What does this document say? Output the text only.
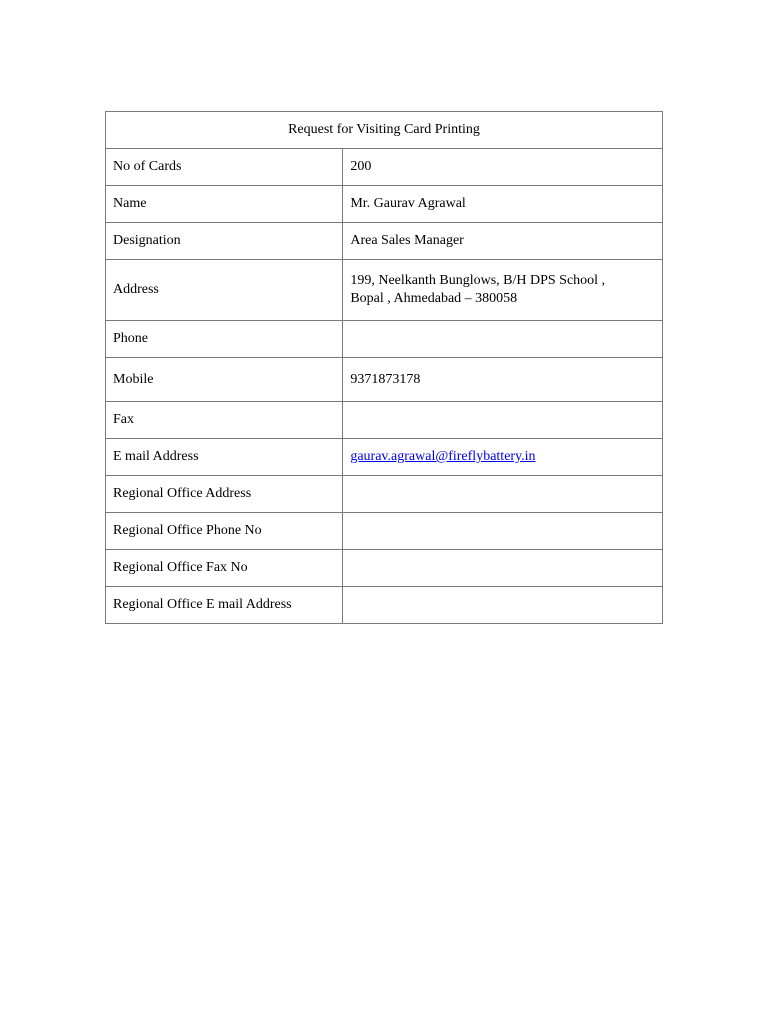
Request for Visiting Card Printing	
No of Cards	200
Name	Mr. Gaurav Agrawal
Designation	Area Sales Manager
Address	199, Neelkanth Bunglows, B/H DPS School ,
Bopal , Ahmedabad – 380058

Phone	
Mobile	9371873178
Fax	
E mail Address	gaurav.agrawal@fireflybattery.in
Regional Office Address	
Regional Office Phone No	
Regional Office Fax No	
Regional Office E mail Address	
